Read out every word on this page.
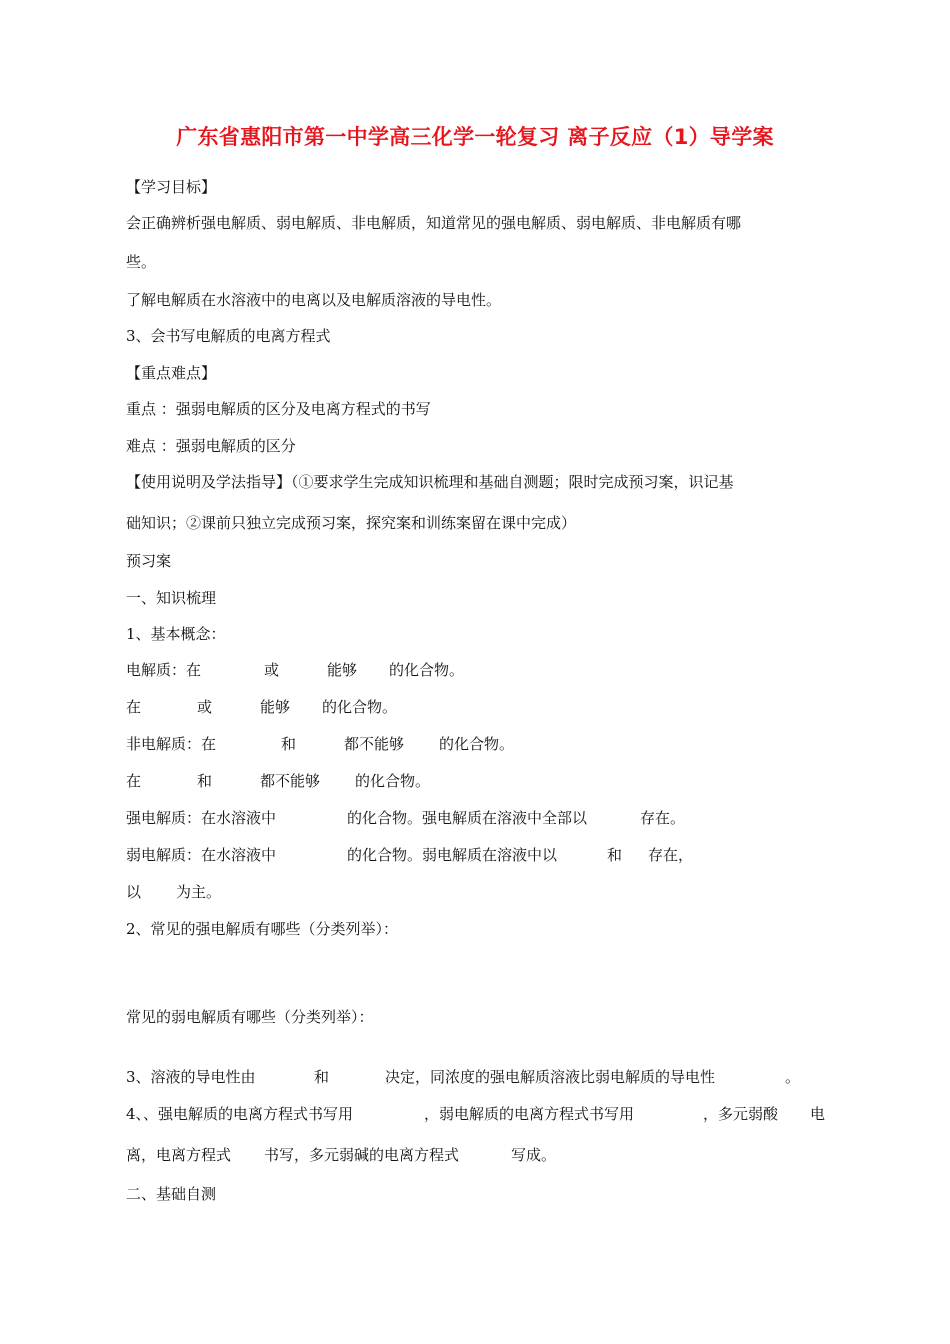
广东省惠阳市第一中学高三化学一轮复习 离子反应（1）导学案
【学习目标】
会正确辨析强电解质、弱电解质、非电解质，知道常见的强电解质、弱电解质、非电解质有哪
些。
了解电解质在水溶液中的电离以及电解质溶液的导电性。
3、会书写电解质的电离方程式
【重点难点】
重点 ：强弱电解质的区分及电离方程式的书写
难点 ：强弱电解质的区分
【使用说明及学法指导】（①要求学生完成知识梳理和基础自测题；限时完成预习案，识记基
础知识；②课前只独立完成预习案，探究案和训练案留在课中完成）
预习案
一、知识梳理
1、基本概念：
电解质：在	或	能够 的化合物。
在	或	能够 的化合物。
非电解质：在	和	都不能够 的化合物。
在	和	都不能够 的化合物。
强电解质：在水溶液中	的化合物。强电解质在溶液中全部以	存在。
弱电解质：在水溶液中	的化合物。弱电解质在溶液中以	和 存在，
以 为主。
2、常见的强电解质有哪些（分类列举）：
常见的弱电解质有哪些（分类列举）：
3、溶液的导电性由	和	决定，同浓度的强电解质溶液比弱电解质的导电性	。
4、、强电解质的电离方程式书写用	，弱电解质的电离方程式书写用	，多元弱酸 电
离，电离方程式 书写，多元弱碱的电离方程式	写成。
二、基础自测
